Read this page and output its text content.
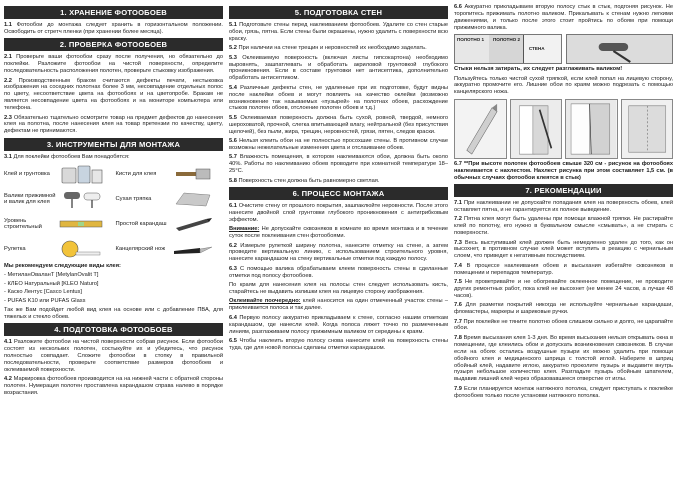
1. ХРАНЕНИЕ ФОТООБОЕВ
1.1 Фотообои до монтажа следует хранить в горизонтальном положении. Освободить от стретч пленки (при хранении более месяца).
2. ПРОВЕРКА ФОТООБОЕВ
2.1 Проверьте ваши фотообои сразу после получения, но обязательно до поклейки. Разложите фотообои на чистой поверхности, определите последовательность расположения полотен, проверьте стыковку изображения.
2.2 Производственным браком считаются дефекты печати, нестыковка изображения на соседних полотнах более 3 мм, несовпадение отдельных полос по цвету, несоответствие цвета на фотообоях и на цветопробе. Бракам не является несовпадение цвета на фотообоях и на мониторе компьютера или телефона.
2.3 Обязательно тщательно осмотрите товар на предмет дефектов до нанесения клея на полотна, после нанесения клея на товар претензии по качеству, цвету, дефектам не принимаются.
3. ИНСТРУМЕНТЫ ДЛЯ МОНТАЖА
3.1 Для поклейки фотообоев Вам понадобятся:
Клей и грунтовка	Кисти для клея
Валики прижимной и валик для клея
Сухая тряпка
Уровень строительный
Простой карандаш
Рулетка	Канцелярский нож
Мы рекомендуем следующие виды клея:
- МетиланОваланТ [MetylanOvalit T]
- КЛЕО Натуральный [KLEO Naturo]
- Каско Лентус [Casco Lentus]
- PUFAS K10 или PUFAS Glass
Так же Вам подойдет любой вид клея на основе или с добавление ПВА, для тяжелых и стекло обоев.
4. ПОДГОТОВКА ФОТООБОЕВ
4.1 Разложите фотообои на чистой поверхности собрав рисунок. Если фотообои состоят из нескольких полотен, состыкуйте их и убедитесь, что рисунок полностью совпадает. Сложите фотообои в стопку в правильной последовательности, проверьте соответствие размеров фотообоев и оклеиваемой поверхности.
4.2 Маркировка фотообоев производится на на нижней части с обратной стороны полотен. Нумерация полотен проставлена карандашом справа налево в порядке возрастания.
5. ПОДГОТОВКА СТЕН
5.1 Подготовьте стены перед наклеиванием фотообоев. Удалите со стен старые обои, грязь, пятна. Если стены были окрашены, нужно удалить с поверхности всю краску.
5.2 При наличии на стене трещин и неровностей их необходимо заделать.
5.3 Оклеиваемую поверхность (включая листы гипсокартона) необходимо выровнять, зашпатлевать и обработать акриловой грунтовкой глубокого проникновения. Если в составе грунтовки нет антисептика, дополнительно обработать антисептиком.
5.4 Различные дефекты стен, не удаленные при их подготовке, будут видны после наклейки обоев и могут повлиять на качество оклейки (возможно возникновение так называемых «пузырей» на полотнах обоев, расхождение стыков полотен обоев, отслоение полотен обоев и т.д.)
5.5 Оклеиваемая поверхность должна быть сухой, ровной, твердой, немного шероховатой, прочной, слегка впитывающей влагу, нейтральной (без присутствия щелочей), без пыли, жира, трещин, неровностей, грязи, пятен, следов краски.
5.6 Нельзя клеить обои на не полностью просохшие стены. В противном случае возможны нежелательные изменения цвета и отслаивание обоев.
5.7 Влажность помещения, в котором наклеиваются обои, должна быть около 40%. Работы по наклеиванию обоев проводите при комнатной температуре 18–25°С.
5.8 Поверхность стен должна быть равномерно светлая.
6. ПРОЦЕСС МОНТАЖА
6.1 Очистите стену от прошлого покрытия, зашпаклюйте неровности. После этого нанесите двойной слой грунтовки глубокого проникновения с антигрибковым эффектом.
Внимание: Не допускайте сквозняков в комнате во время монтажа и в течение суток после поклеивания стен фотообоями.
6.2 Измерьте рулеткой ширину полотна, нанесите отметку на стене, а затем проведите вертикальную линию, с использованием строительного уровня, нанесите карандашом на стену вертикальные отметки под каждую полосу.
6.3 С помощью валика обрабатываем клеем поверхность стены в сделанные отметки под полосу фотообоев.
По краям для нанесения клея на полосы стен следует использовать кисть, старайтесь не выдавить излишки клея на лицевую сторону изображения.
Оклеивайте поочередно: клей наносится на один отмеченный участок стены – приклеивается полоса и так далее.
6.4 Первую полосу аккуратно прикладываем к стене, согласно нашим отметкам карандашом, где нанесли клей. Когда полоса ляжет точно по размеченным линиям, разглаживаем полосу прижимным валиком от середины к краям.
6.5 Чтобы наклеить вторую полосу снова нанесите клей на поверхность стены туда, где для новой полосы сделаны отметки карандашом.
6.6 Аккуратно прикладываем вторую полосу стык в стык, подгоняя рисунок. Не торопитесь прижимать полотно валиком. Прикалывать к стенам нужно легкими движениями, и только после этого стоит пройтись по обоям при помощи прижимного валика.
ПОЛОТНО 1 ПОЛОТНО 2
СТЕНА
Стыки нельзя затирать, их следует разглаживать валиком!
Пользуйтесь только чистой сухой тряпкой, если клей попал на лицевую сторону, аккуратно промочите его. Лишние обои по краям можно подрезать с помощью канцелярского ножа.
6.7 **При высоте полотен фотообоев свыше 320 см - рисунок на фотообоях наклеивается с нахлестом. Нахлест рисунка при этом составляет 1,5 см. (в обычных случаях фотообои клеятся в стык)
7. РЕКОМЕНДАЦИИ
7.1 При наклеивании не допускайте попадания клея на поверхность обоев, клей оставляет пятна, и не гарантируется их полное выведение.
7.2 Пятна клея могут быть удалены при помощи влажной тряпки. Не растирайте клей по полотну, его нужно в буквальном смысле «смывать», а не стирать с поверхности.
7.3 Весь выступивший клей должен быть немедленно удален до того, как он высохнет, в противном случае клей может вступить в реакцию с чернильным слоем, что приведет к негативным последствиям.
7.4 В процессе наклеивания обоев и высыхания избегайте сквозняков в помещении и перепадов температур.
7.5 Не проветривайте и не обогревайте оклеенное помещение, не проводите других ремонтных работ, пока клей не высохнет (не менее 24 часов, а лучше 48 часов).
7.6 Для разметки покрытий никогда не используйте чернильные карандаши, фломастеры, маркеры и шариковые ручки.
7.7 При поклейке не тяните полотно обоев слишком сильно и долго, не царапайте обои.
7.8 Время высыхания клея 1-3 дня. Во время высыхания нельзя открывать окна в помещении, где клеились обои и допускать возникновения сквозняков. В случае если на обоях остались воздушные пузыри их можно удалить при помощи обойного клея и медицинского шприца с толстой иглой. Наберите в шприц обойный клей, надавите иглою, аккуратно проколите пузырь и выдавите внутрь пузыря небольшое количество клея. Разгладьте пузырь обойным шпателем, выдавив лишний клей через образовавшееся отверстие от иглы.
7.9 Если планируется монтаж натяжного потолка, следует приступать к поклейке фотообоев только после установки натяжного потолка.
